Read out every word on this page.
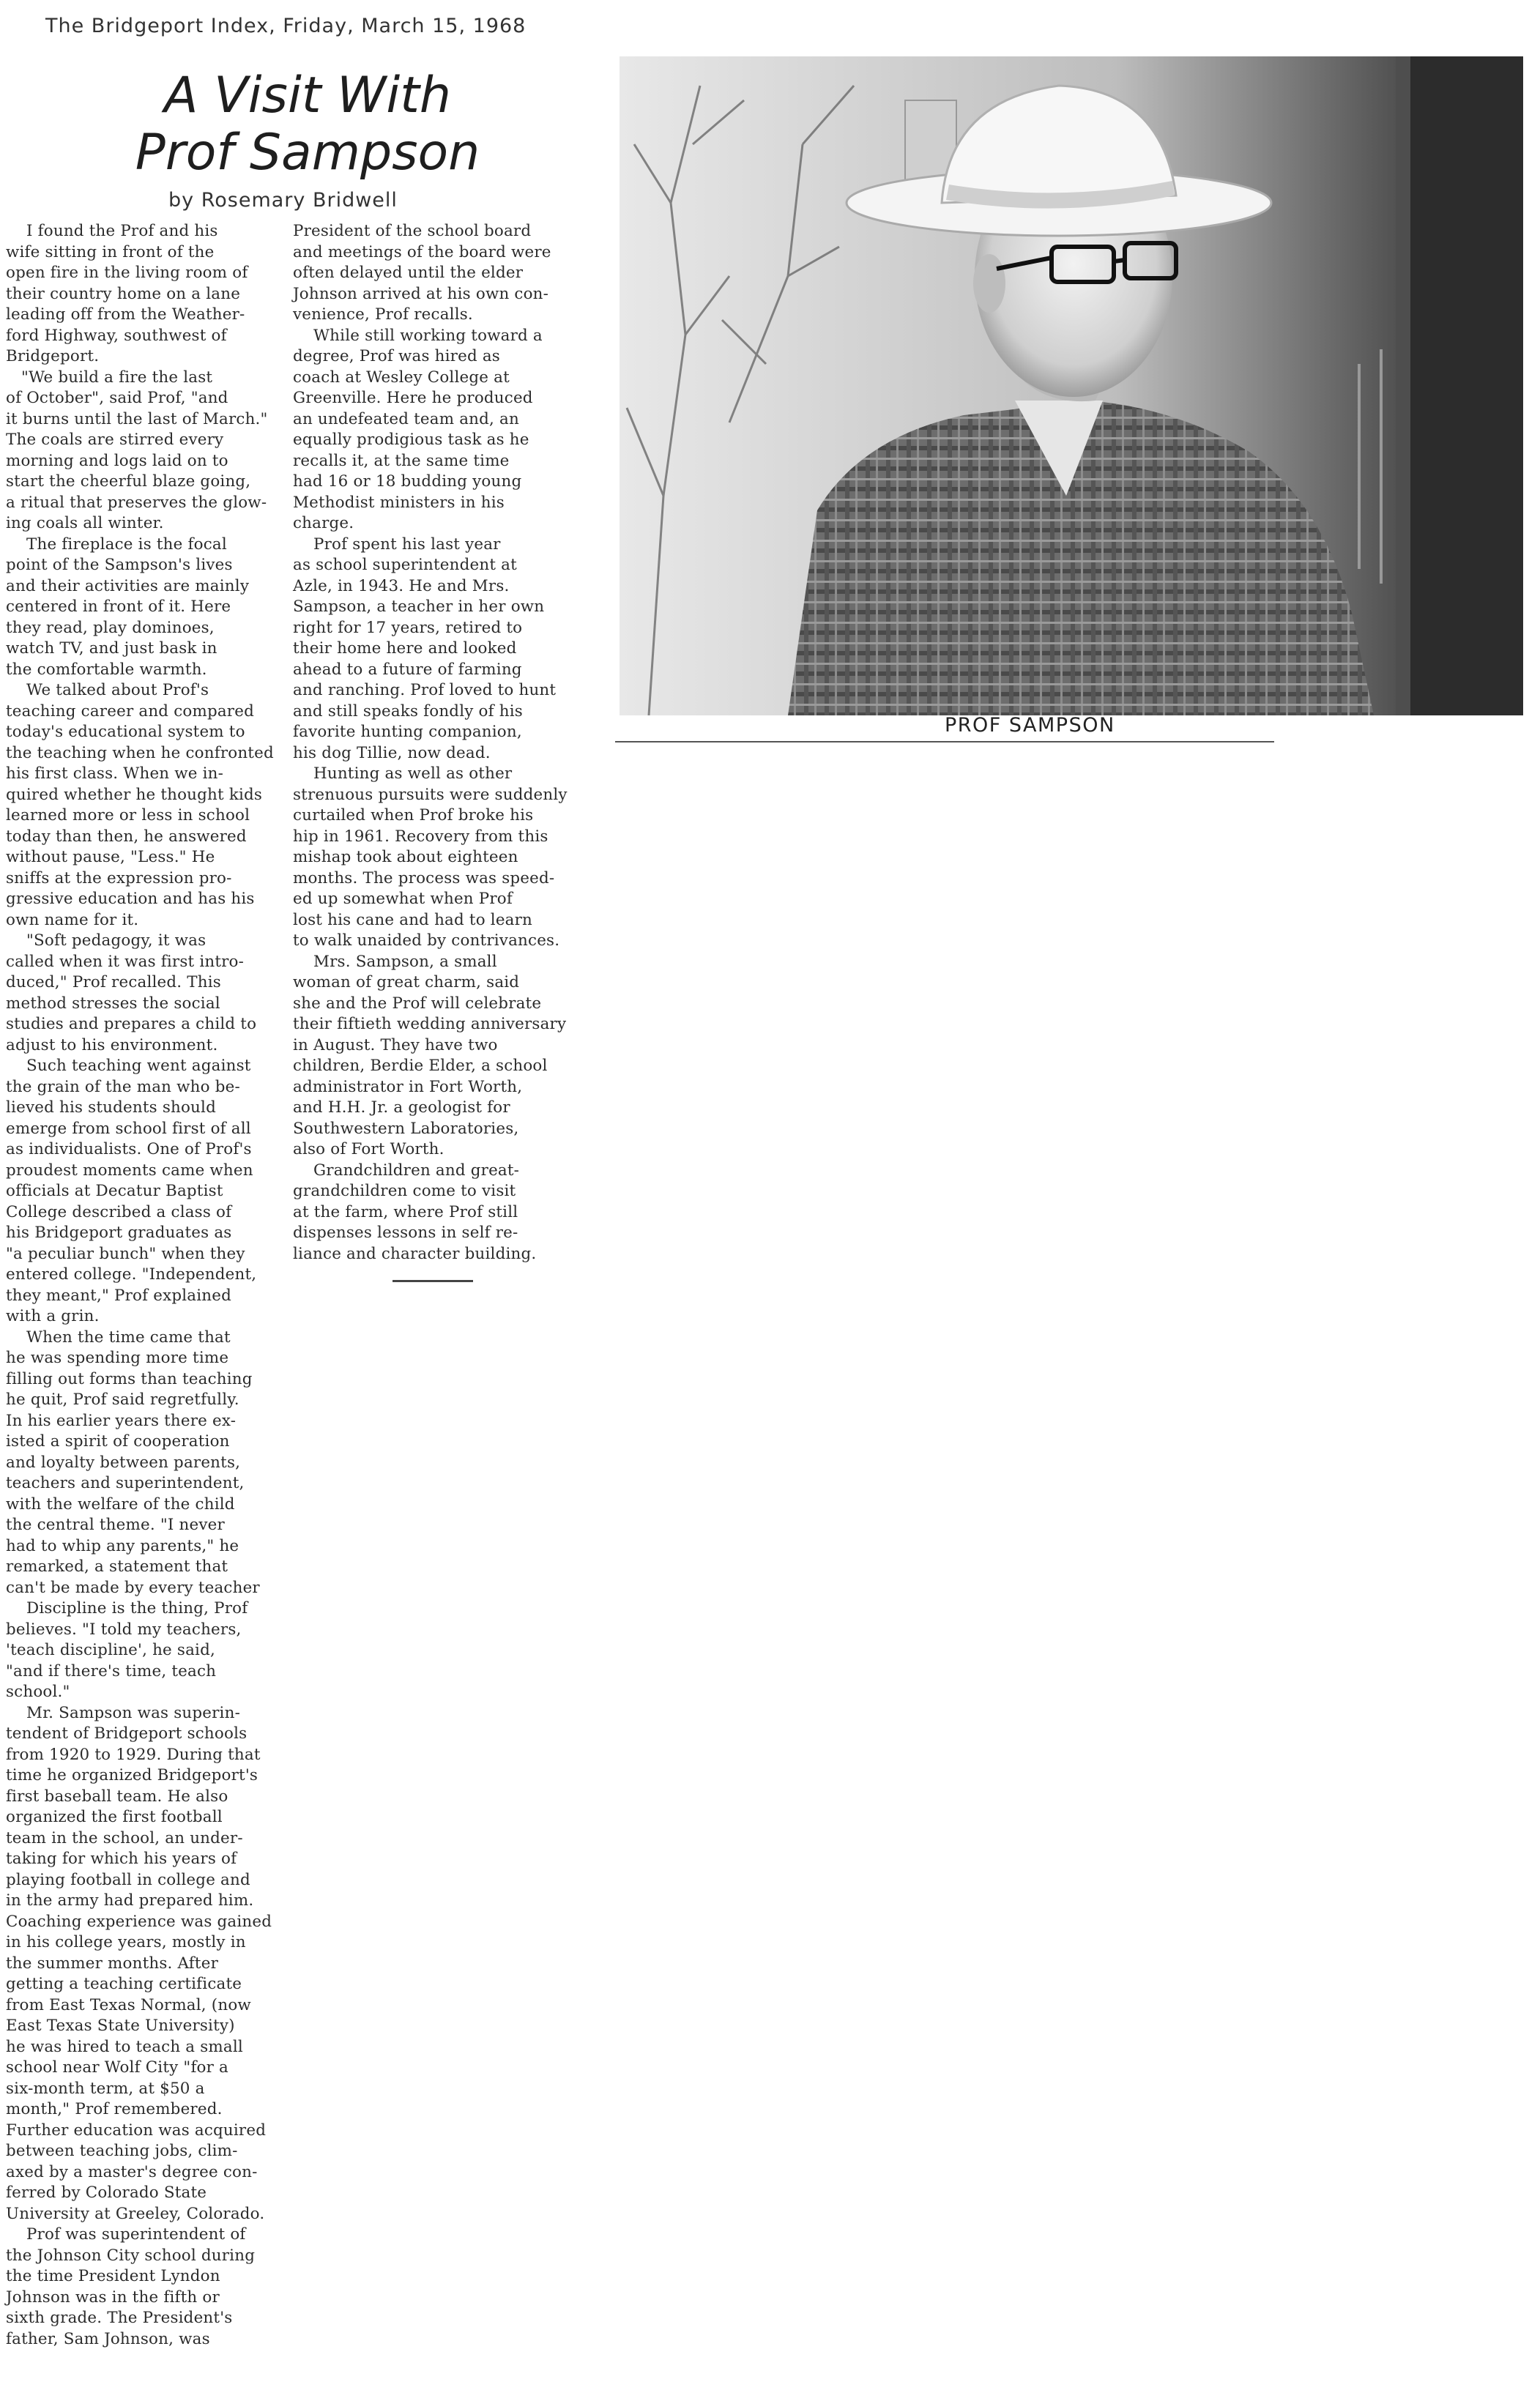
The Bridgeport Index, Friday, March 15, 1968
A Visit With
Prof Sampson
by Rosemary Bridwell
I found the Prof and his
wife sitting in front of the
open fire in the living room of
their country home on a lane
leading off from the Weather-
ford Highway, southwest of
Bridgeport.
"We build a fire the last
of October", said Prof, "and
it burns until the last of March."
The coals are stirred every
morning and logs laid on to
start the cheerful blaze going,
a ritual that preserves the glow-
ing coals all winter.
The fireplace is the focal
point of the Sampson's lives
and their activities are mainly
centered in front of it. Here
they read, play dominoes,
watch TV, and just bask in
the comfortable warmth.
We talked about Prof's
teaching career and compared
today's educational system to
the teaching when he confronted
his first class. When we in-
quired whether he thought kids
learned more or less in school
today than then, he answered
without pause, "Less." He
sniffs at the expression pro-
gressive education and has his
own name for it.
"Soft pedagogy, it was
called when it was first intro-
duced," Prof recalled. This
method stresses the social
studies and prepares a child to
adjust to his environment.
Such teaching went against
the grain of the man who be-
lieved his students should
emerge from school first of all
as individualists. One of Prof's
proudest moments came when
officials at Decatur Baptist
College described a class of
his Bridgeport graduates as
"a peculiar bunch" when they
entered college. "Independent,
they meant," Prof explained
with a grin.
When the time came that
he was spending more time
filling out forms than teaching
he quit, Prof said regretfully.
In his earlier years there ex-
isted a spirit of cooperation
and loyalty between parents,
teachers and superintendent,
with the welfare of the child
the central theme. "I never
had to whip any parents," he
remarked, a statement that
can't be made by every teacher
Discipline is the thing, Prof
believes. "I told my teachers,
'teach discipline', he said,
"and if there's time, teach
school."
Mr. Sampson was superin-
tendent of Bridgeport schools
from 1920 to 1929. During that
time he organized Bridgeport's
first baseball team. He also
organized the first football
team in the school, an under-
taking for which his years of
playing football in college and
in the army had prepared him.
Coaching experience was gained
in his college years, mostly in
the summer months. After
getting a teaching certificate
from East Texas Normal, (now
East Texas State University)
he was hired to teach a small
school near Wolf City "for a
six-month term, at $50 a
month," Prof remembered.
Further education was acquired
between teaching jobs, clim-
axed by a master's degree con-
ferred by Colorado State
University at Greeley, Colorado.
Prof was superintendent of
the Johnson City school during
the time President Lyndon
Johnson was in the fifth or
sixth grade. The President's
father, Sam Johnson, was

President of the school board
and meetings of the board were
often delayed until the elder
Johnson arrived at his own con-
venience, Prof recalls.
While still working toward a
degree, Prof was hired as
coach at Wesley College at
Greenville. Here he produced
an undefeated team and, an
equally prodigious task as he
recalls it, at the same time
had 16 or 18 budding young
Methodist ministers in his
charge.
Prof spent his last year
as school superintendent at
Azle, in 1943. He and Mrs.
Sampson, a teacher in her own
right for 17 years, retired to
their home here and looked
ahead to a future of farming
and ranching. Prof loved to hunt
and still speaks fondly of his
favorite hunting companion,
his dog Tillie, now dead.
Hunting as well as other
strenuous pursuits were suddenly
curtailed when Prof broke his
hip in 1961. Recovery from this
mishap took about eighteen
months. The process was speed-
ed up somewhat when Prof
lost his cane and had to learn
to walk unaided by contrivances.
Mrs. Sampson, a small
woman of great charm, said
she and the Prof will celebrate
their fiftieth wedding anniversary
in August. They have two
children, Berdie Elder, a school
administrator in Fort Worth,
and H.H. Jr. a geologist for
Southwestern Laboratories,
also of Fort Worth.
Grandchildren and great-
grandchildren come to visit
at the farm, where Prof still
dispenses lessons in self re-
liance and character building.

PROF SAMPSON
